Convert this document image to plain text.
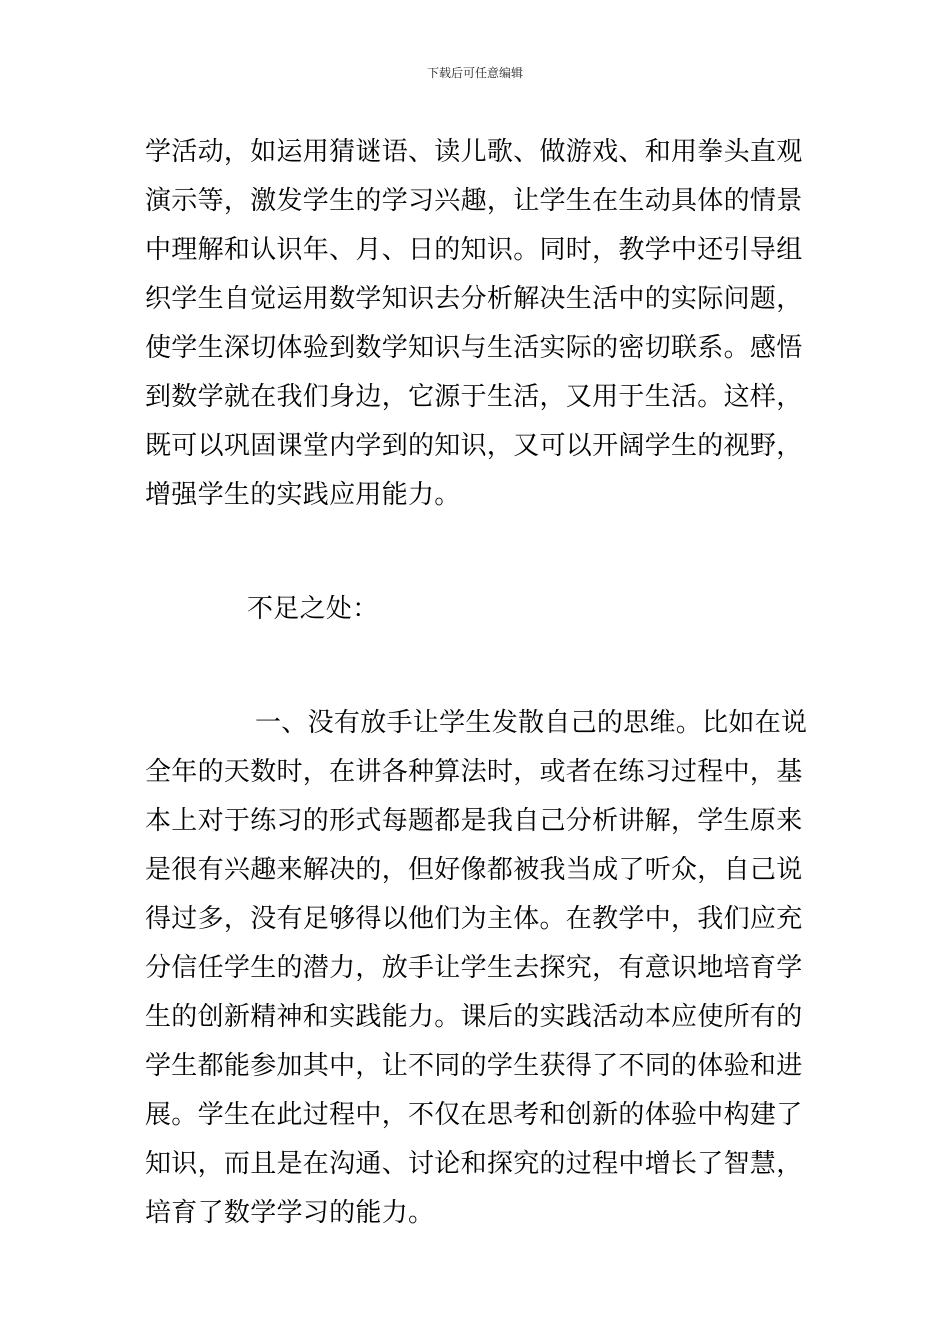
下载后可任意编辑
学活动，如运用猜谜语、读儿歌、做游戏、和用拳头直观
演示等，激发学生的学习兴趣，让学生在生动具体的情景
中理解和认识年、月、日的知识。同时，教学中还引导组
织学生自觉运用数学知识去分析解决生活中的实际问题，
使学生深切体验到数学知识与生活实际的密切联系。感悟
到数学就在我们身边，它源于生活，又用于生活。这样，
既可以巩固课堂内学到的知识，又可以开阔学生的视野，
增强学生的实践应用能力。
不足之处：
一、没有放手让学生发散自己的思维。比如在说
全年的天数时，在讲各种算法时，或者在练习过程中，基
本上对于练习的形式每题都是我自己分析讲解，学生原来
是很有兴趣来解决的，但好像都被我当成了听众，自己说
得过多，没有足够得以他们为主体。在教学中，我们应充
分信任学生的潜力，放手让学生去探究，有意识地培育学
生的创新精神和实践能力。课后的实践活动本应使所有的
学生都能参加其中，让不同的学生获得了不同的体验和进
展。学生在此过程中，不仅在思考和创新的体验中构建了
知识，而且是在沟通、讨论和探究的过程中增长了智慧，
培育了数学学习的能力。
